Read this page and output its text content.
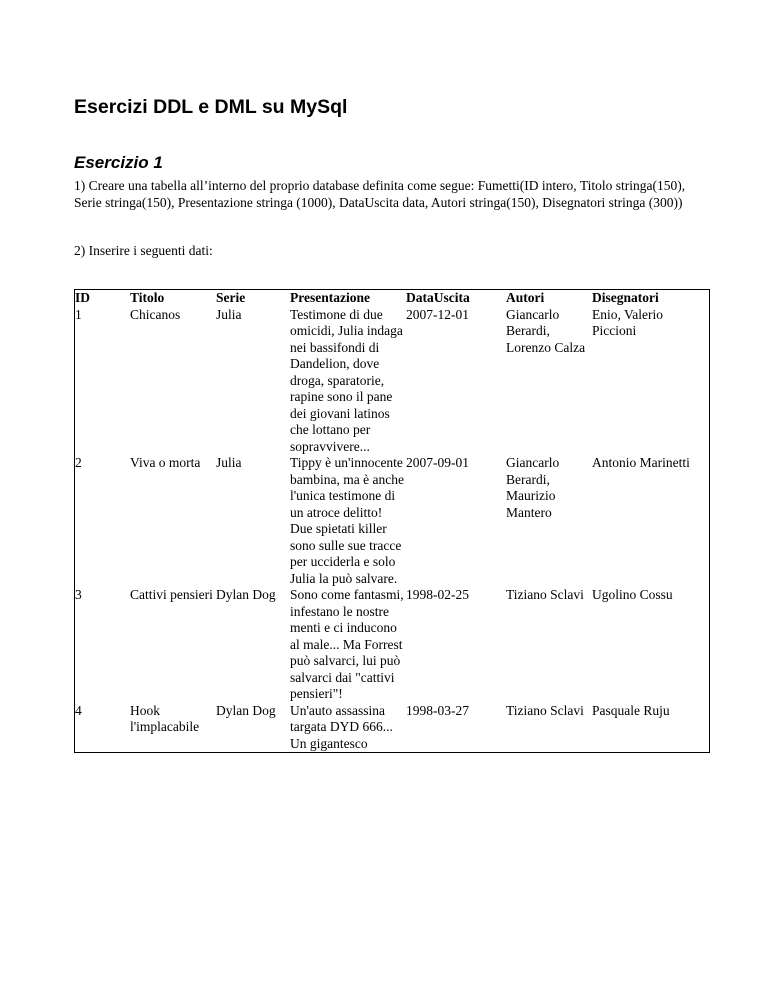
Esercizi DDL e DML su MySql
Esercizio 1

1) Creare una tabella all’interno del proprio database definita come segue: Fumetti(ID intero, Titolo stringa(150), Serie stringa(150), Presentazione stringa (1000), DataUscita data, Autori stringa(150), Disegnatori stringa (300))

2) Inserire i seguenti dati:

ID	Titolo	Serie	Presentazione	DataUscita	Autori	Disegnatori
1	Chicanos	Julia	Testimone di due omicidi, Julia indaga nei bassifondi di Dandelion, dove droga, sparatorie, rapine sono il pane dei giovani latinos che lottano per sopravvivere...	2007-12-01	Giancarlo Berardi, Lorenzo Calza	Enio, Valerio Piccioni
2	Viva o morta	Julia	Tippy è un'innocente bambina, ma è anche l'unica testimone di un atroce delitto! Due spietati killer sono sulle sue tracce per ucciderla e solo Julia la può salvare.	2007-09-01	Giancarlo Berardi, Maurizio Mantero	Antonio Marinetti
3	Cattivi pensieri	Dylan Dog	Sono come fantasmi, infestano le nostre menti e ci inducono al male... Ma Forrest può salvarci, lui può salvarci dai "cattivi pensieri"!	1998-02-25	Tiziano Sclavi	Ugolino Cossu
4	Hook l'implacabile	Dylan Dog	Un'auto assassina targata DYD 666... Un gigantesco	1998-03-27	Tiziano Sclavi	Pasquale Ruju
